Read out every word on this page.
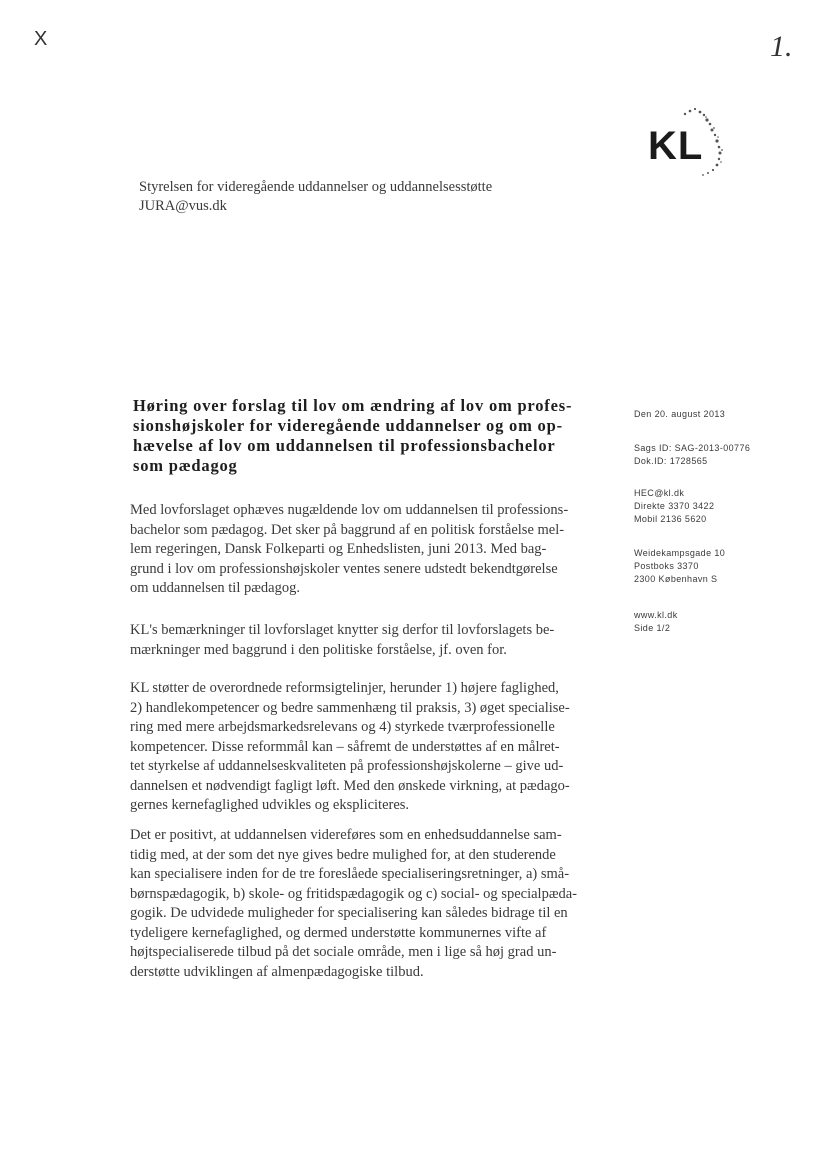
X	1.
KL
Styrelsen for videregående uddannelser og uddannelsesstøtte
JURA@vus.dk
Høring over forslag til lov om ændring af lov om profes-
sionshøjskoler for videregående uddannelser og om op-
hævelse af lov om uddannelsen til professionsbachelor
som pædagog
Den 20. august 2013
Sags ID: SAG-2013-00776
Dok.ID: 1728565
HEC@kl.dk
Direkte 3370 3422
Mobil 2136 5620
Weidekampsgade 10
Postboks 3370
2300 København S
www.kl.dk
Side 1/2
Med lovforslaget ophæves nugældende lov om uddannelsen til professions-
bachelor som pædagog. Det sker på baggrund af en politisk forståelse mel-
lem regeringen, Dansk Folkeparti og Enhedslisten, juni 2013. Med bag-
grund i lov om professionshøjskoler ventes senere udstedt bekendtgørelse
om uddannelsen til pædagog.
KL's bemærkninger til lovforslaget knytter sig derfor til lovforslagets be-
mærkninger med baggrund i den politiske forståelse, jf. oven for.
KL støtter de overordnede reformsigtelinjer, herunder 1) højere faglighed,
2) handlekompetencer og bedre sammenhæng til praksis, 3) øget specialise-
ring med mere arbejdsmarkedsrelevans og 4) styrkede tværprofessionelle
kompetencer. Disse reformmål kan – såfremt de understøttes af en målret-
tet styrkelse af uddannelseskvaliteten på professionshøjskolerne – give ud-
dannelsen et nødvendigt fagligt løft. Med den ønskede virkning, at pædago-
gernes kernefaglighed udvikles og ekspliciteres.
Det er positivt, at uddannelsen videreføres som en enhedsuddannelse sam-
tidig med, at der som det nye gives bedre mulighed for, at den studerende
kan specialisere inden for de tre foreslåede specialiseringsretninger, a) små-
børnspædagogik, b) skole- og fritidspædagogik og c) social- og specialpæda-
gogik. De udvidede muligheder for specialisering kan således bidrage til en
tydeligere kernefaglighed, og dermed understøtte kommunernes vifte af
højtspecialiserede tilbud på det sociale område, men i lige så høj grad un-
derstøtte udviklingen af almenpædagogiske tilbud.
